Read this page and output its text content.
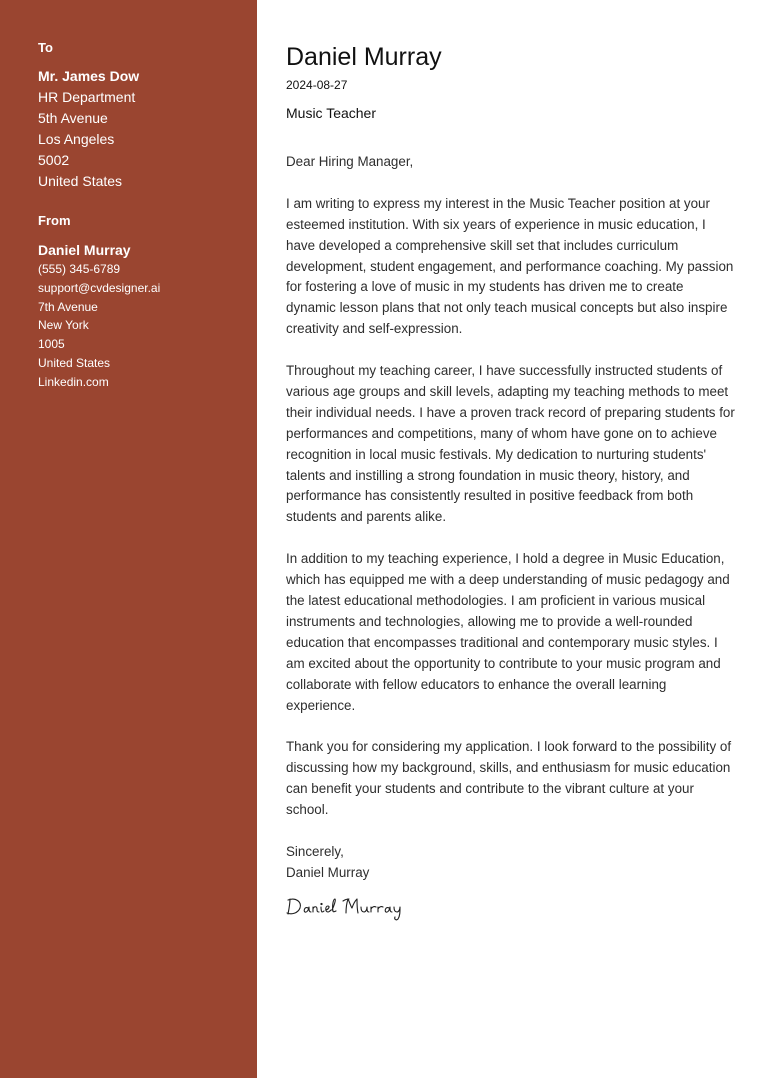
To
Mr. James Dow
HR Department
5th Avenue
Los Angeles
5002
United States
From
Daniel Murray
(555) 345-6789
support@cvdesigner.ai
7th Avenue
New York
1005
United States
Linkedin.com
Daniel Murray
2024-08-27
Music Teacher

Dear Hiring Manager,

I am writing to express my interest in the Music Teacher position at your esteemed institution. With six years of experience in music education, I have developed a comprehensive skill set that includes curriculum development, student engagement, and performance coaching. My passion for fostering a love of music in my students has driven me to create dynamic lesson plans that not only teach musical concepts but also inspire creativity and self-expression.

Throughout my teaching career, I have successfully instructed students of various age groups and skill levels, adapting my teaching methods to meet their individual needs. I have a proven track record of preparing students for performances and competitions, many of whom have gone on to achieve recognition in local music festivals. My dedication to nurturing students' talents and instilling a strong foundation in music theory, history, and performance has consistently resulted in positive feedback from both students and parents alike.

In addition to my teaching experience, I hold a degree in Music Education, which has equipped me with a deep understanding of music pedagogy and the latest educational methodologies. I am proficient in various musical instruments and technologies, allowing me to provide a well-rounded education that encompasses traditional and contemporary music styles. I am excited about the opportunity to contribute to your music program and collaborate with fellow educators to enhance the overall learning experience.

Thank you for considering my application. I look forward to the possibility of discussing how my background, skills, and enthusiasm for music education can benefit your students and contribute to the vibrant culture at your school.

Sincerely,
Daniel Murray
